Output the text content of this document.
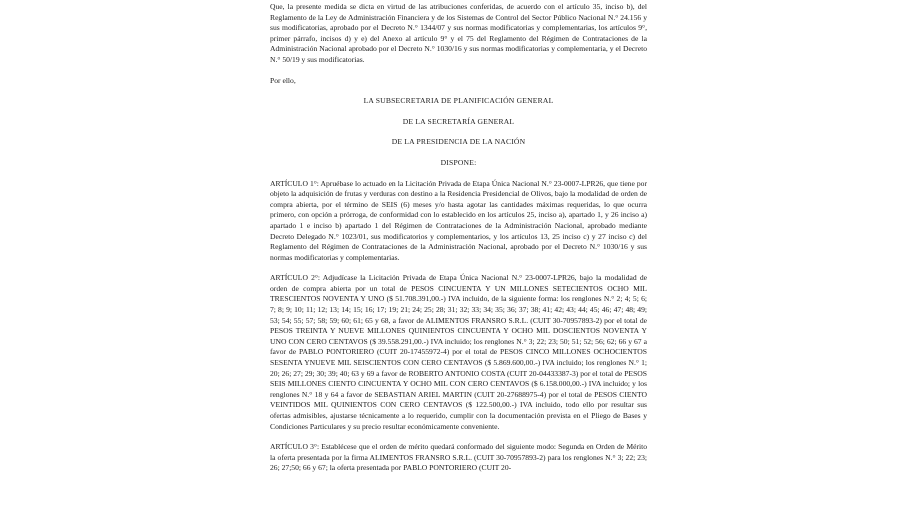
Que, la presente medida se dicta en virtud de las atribuciones conferidas, de acuerdo con el artículo 35, inciso b), del Reglamento de la Ley de Administración Financiera y de los Sistemas de Control del Sector Público Nacional N.° 24.156 y sus modificatorias, aprobado por el Decreto N.° 1344/07 y sus normas modificatorias y complementarias, los artículos 9°, primer párrafo, incisos d) y e) del Anexo al artículo 9° y el 75 del Reglamento del Régimen de Contrataciones de la Administración Nacional aprobado por el Decreto N.° 1030/16 y sus normas modificatorias y complementaria, y el Decreto N.° 50/19 y sus modificatorias.

Por ello,

LA SUBSECRETARIA DE PLANIFICACIÓN GENERAL

DE LA SECRETARÍA GENERAL

DE LA PRESIDENCIA DE LA NACIÓN

DISPONE:

ARTÍCULO 1°: Apruébase lo actuado en la Licitación Privada de Etapa Única Nacional N.° 23-0007-LPR26, que tiene por objeto la adquisición de frutas y verduras con destino a la Residencia Presidencial de Olivos, bajo la modalidad de orden de compra abierta, por el término de SEIS (6) meses y/o hasta agotar las cantidades máximas requeridas, lo que ocurra primero, con opción a prórroga, de conformidad con lo establecido en los artículos 25, inciso a), apartado 1, y 26 inciso a) apartado 1 e inciso b) apartado 1 del Régimen de Contrataciones de la Administración Nacional, aprobado mediante Decreto Delegado N.° 1023/01, sus modificatorios y complementarios, y los artículos 13, 25 inciso c) y 27 inciso c) del Reglamento del Régimen de Contrataciones de la Administración Nacional, aprobado por el Decreto N.° 1030/16 y sus normas modificatorias y complementarias.

ARTÍCULO 2°: Adjudícase la Licitación Privada de Etapa Única Nacional N.° 23-0007-LPR26, bajo la modalidad de orden de compra abierta por un total de PESOS CINCUENTA Y UN MILLONES SETECIENTOS OCHO MIL TRESCIENTOS NOVENTA Y UNO ($ 51.708.391,00.-) IVA incluido, de la siguiente forma: los renglones N.° 2; 4; 5; 6; 7; 8; 9; 10; 11; 12; 13; 14; 15; 16; 17; 19; 21; 24; 25; 28; 31; 32; 33; 34; 35; 36; 37; 38; 41; 42; 43; 44; 45; 46; 47; 48; 49; 53; 54; 55; 57; 58; 59; 60; 61; 65 y 68, a favor de ALIMENTOS FRANSRO S.R.L. (CUIT 30-70957893-2) por el total de PESOS TREINTA Y NUEVE MILLONES QUINIENTOS CINCUENTA Y OCHO MIL DOSCIENTOS NOVENTA Y UNO CON CERO CENTAVOS ($ 39.558.291,00.-) IVA incluido; los renglones N.° 3; 22; 23; 50; 51; 52; 56; 62; 66 y 67 a favor de PABLO PONTORIERO (CUIT 20-17455972-4) por el total de PESOS CINCO MILLONES OCHOCIENTOS SESENTA YNUEVE MIL SEISCIENTOS CON CERO CENTAVOS ($ 5.869.600,00.-) IVA incluido; los renglones N.° 1; 20; 26; 27; 29; 30; 39; 40; 63 y 69 a favor de ROBERTO ANTONIO COSTA (CUIT 20-04433387-3) por el total de PESOS SEIS MILLONES CIENTO CINCUENTA Y OCHO MIL CON CERO CENTAVOS ($ 6.158.000,00.-) IVA incluido; y los renglones N.° 18 y 64 a favor de SEBASTIAN ARIEL MARTIN (CUIT 20-27688975-4) por el total de PESOS CIENTO VEINTIDOS MIL QUINIENTOS CON CERO CENTAVOS ($ 122.500,00.-) IVA incluido, todo ello por resultar sus ofertas admisibles, ajustarse técnicamente a lo requerido, cumplir con la documentación prevista en el Pliego de Bases y Condiciones Particulares y su precio resultar económicamente conveniente.

ARTÍCULO 3°: Establécese que el orden de mérito quedará conformado del siguiente modo: Segunda en Orden de Mérito la oferta presentada por la firma ALIMENTOS FRANSRO S.R.L. (CUIT 30-70957893-2) para los renglones N.° 3; 22; 23; 26; 27;50; 66 y 67; la oferta presentada por PABLO PONTORIERO (CUIT 20-
